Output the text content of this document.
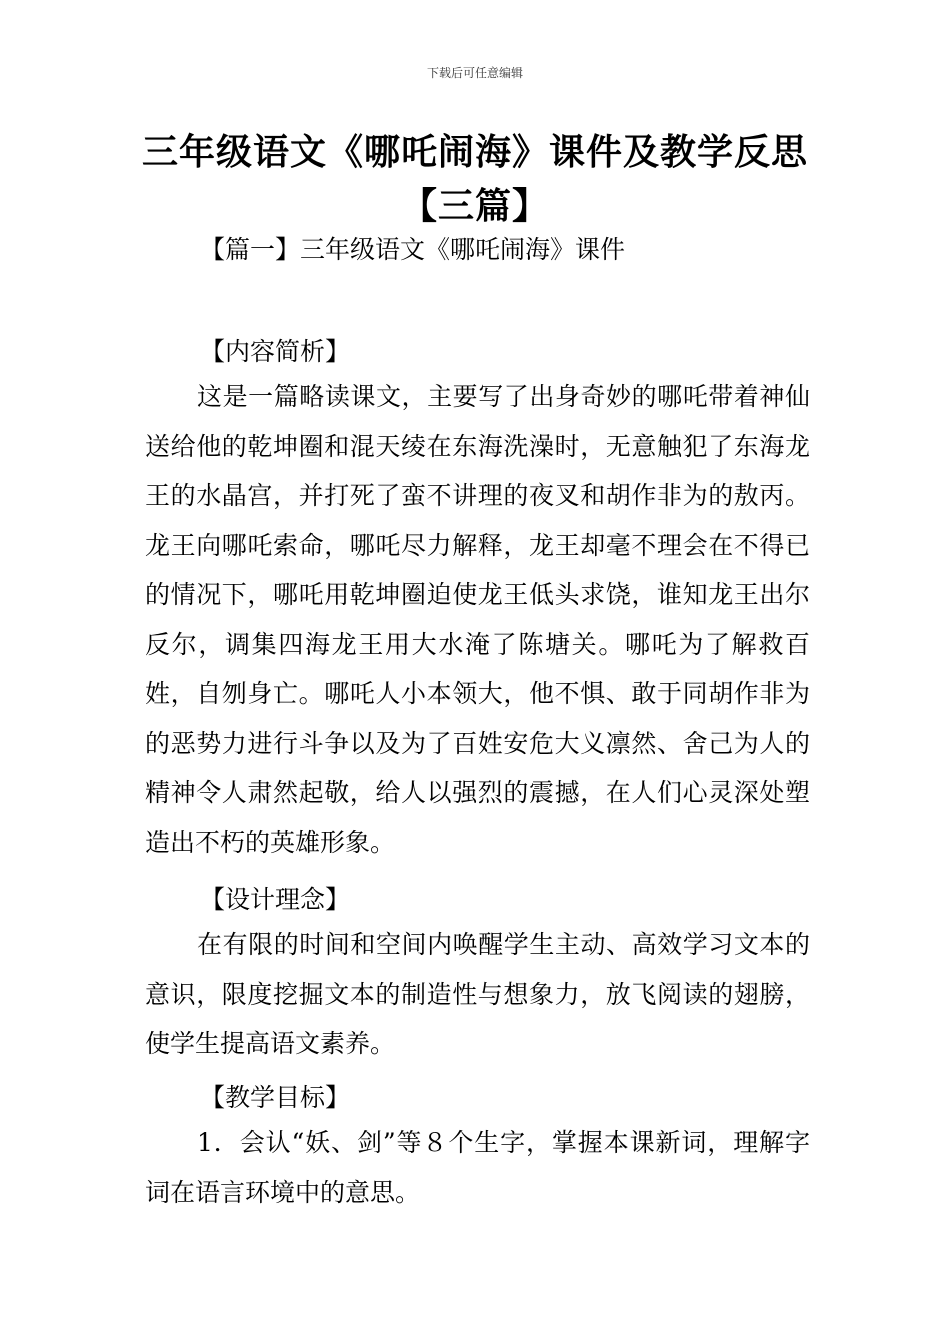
下载后可任意编辑
三年级语文《哪吒闹海》课件及教学反思
【三篇】
【篇一】三年级语文《哪吒闹海》课件
【内容简析】
这是一篇略读课文，主要写了出身奇妙的哪吒带着神仙送给他的乾坤圈和混天绫在东海洗澡时，无意触犯了东海龙王的水晶宫，并打死了蛮不讲理的夜叉和胡作非为的敖丙。龙王向哪吒索命，哪吒尽力解释，龙王却毫不理会在不得已的情况下，哪吒用乾坤圈迫使龙王低头求饶，谁知龙王出尔反尔，调集四海龙王用大水淹了陈塘关。哪吒为了解救百姓，自刎身亡。哪吒人小本领大，他不惧、敢于同胡作非为的恶势力进行斗争以及为了百姓安危大义凛然、舍己为人的精神令人肃然起敬，给人以强烈的震撼，在人们心灵深处塑造出不朽的英雄形象。
【设计理念】
在有限的时间和空间内唤醒学生主动、高效学习文本的意识，限度挖掘文本的制造性与想象力，放飞阅读的翅膀，使学生提高语文素养。
【教学目标】
1．会认“妖、剑”等８个生字，掌握本课新词，理解字词在语言环境中的意思。
